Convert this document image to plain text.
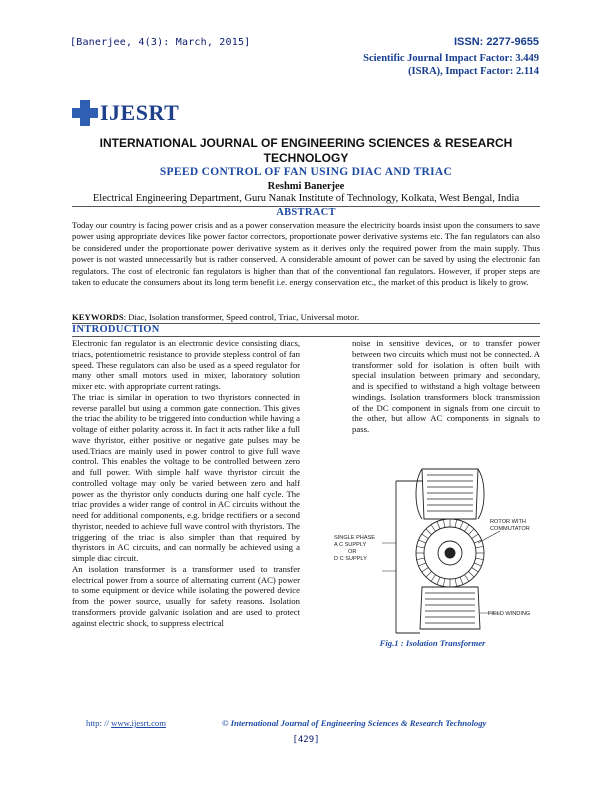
[Banerjee, 4(3): March, 2015]	ISSN: 2277-9655
Scientific Journal Impact Factor: 3.449
(ISRA), Impact Factor: 2.114
IJESRT
INTERNATIONAL JOURNAL OF ENGINEERING SCIENCES & RESEARCH
TECHNOLOGY
SPEED CONTROL OF FAN USING DIAC AND TRIAC
Reshmi Banerjee
Electrical Engineering Department, Guru Nanak Institute of Technology, Kolkata, West Bengal, India
ABSTRACT
Today our country is facing power crisis and as a power conservation measure the electricity boards insist upon the consumers to save power using appropriate devices like power factor correctors, proportionate power derivative systems etc. The fan regulators can also be considered under the proportionate power derivative system as it derives only the required power from the main supply. Thus power is not wasted unnecessarily but is rather conserved. A considerable amount of power can be saved by using the electronic fan regulators. The cost of electronic fan regulators is higher than that of the conventional fan regulators. However, if proper steps are taken to educate the consumers about its long term benefit i.e. energy conservation etc., the market of this product is likely to grow.
KEYWORDS: Diac, Isolation transformer, Speed control, Triac, Universal motor.
INTRODUCTION

Electronic fan regulator is an electronic device consisting diacs, triacs, potentiometric resistance to provide stepless control of fan speed. These regulators can also be used as a speed regulator for many other small motors used in mixer, laboratory solution mixer etc. with appropriate current ratings.

The triac is similar in operation to two thyristors connected in reverse parallel but using a common gate connection. This gives the triac the ability to be triggered into conduction while having a voltage of either polarity across it. In fact it acts rather like a full wave thyristor, either positive or negative gate pulses may be used.Triacs are mainly used in power control to give full wave control. This enables the voltage to be controlled between zero and full power. With simple half wave thyristor circuit the controlled voltage may only be varied between zero and half power as the thyristor only conducts during one half cycle. The triac provides a wider range of control in AC circuits without the need for additional components, e.g. bridge rectifiers or a second thyristor, needed to achieve full wave control with thyristors. The triggering of the triac is also simpler than that required by thyristors in AC circuits, and can normally be achieved using a simple diac circuit.

An isolation transformer is a transformer used to transfer electrical power from a source of alternating current (AC) power to some equipment or device while isolating the powered device from the power source, usually for safety reasons. Isolation transformers provide galvanic isolation and are used to protect against electric shock, to suppress electrical

noise in sensitive devices, or to transfer power between two circuits which must not be connected. A transformer sold for isolation is often built with special insulation between primary and secondary, and is specified to withstand a high voltage between windings. Isolation transformers block transmission of the DC component in signals from one circuit to the other, but allow AC components in signals to pass.

SINGLE PHASE
A C SUPPLY
OR
D C SUPPLY
ROTOR WITH
COMMUTATOR
FIELD WINDING
Fig.1 : Isolation Transformer
http: // www.ijesrt.com	© International Journal of Engineering Sciences & Research Technology
[429]
